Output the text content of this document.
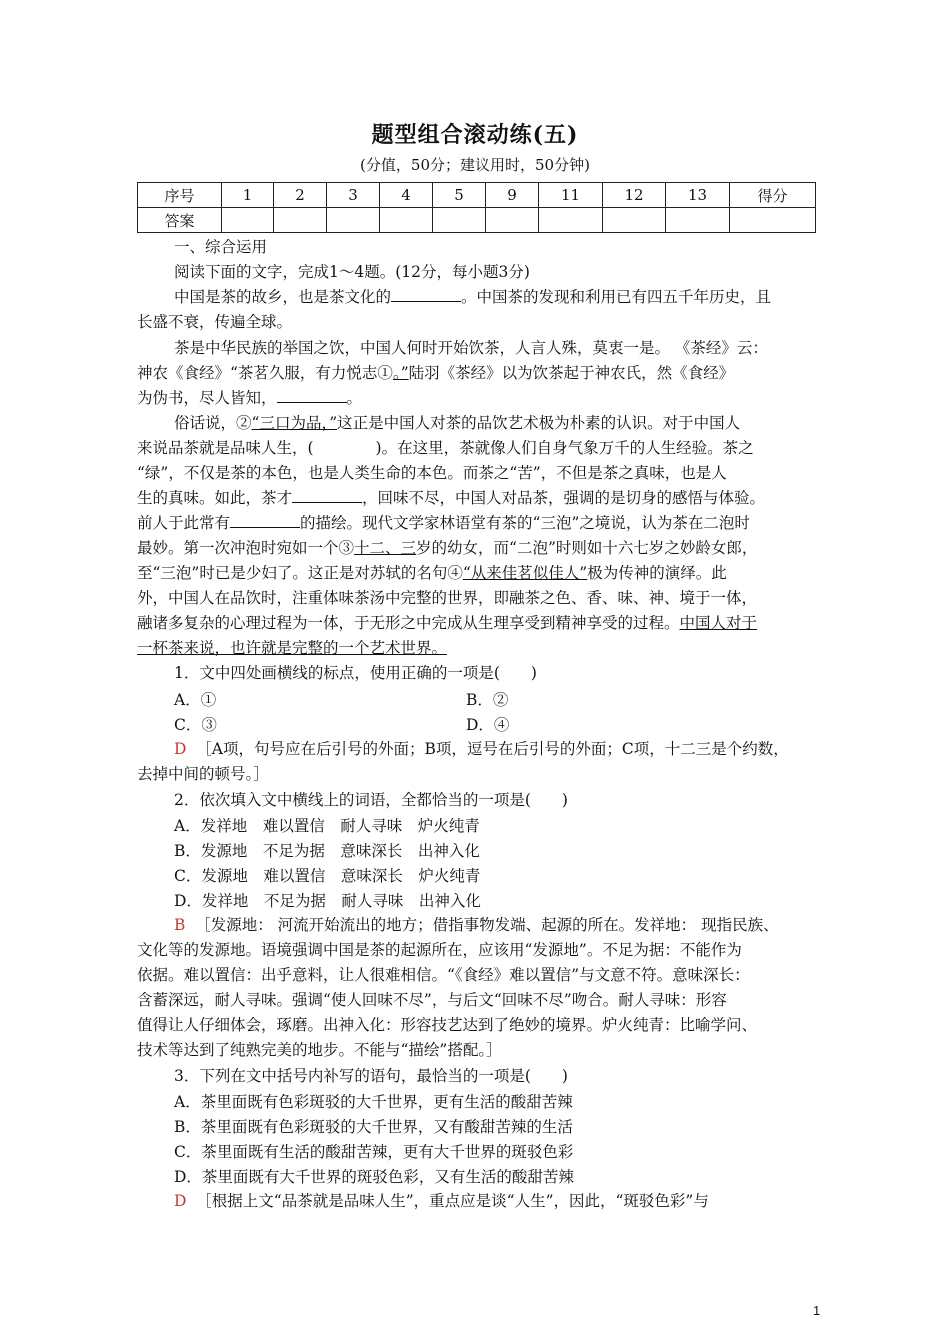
题型组合滚动练(五)
(分值，50分；建议用时，50分钟)
序号	1	2	3	4	5	9	11	12	13	得分
答案										
一、综合运用
阅读下面的文字，完成1～4题。(12分，每小题3分)
中国是茶的故乡，也是茶文化的	。中国茶的发现和利用已有四五千年历史，且
长盛不衰，传遍全球。
茶是中华民族的举国之饮，中国人何时开始饮茶，人言人殊，莫衷一是。 《茶经》云：
神农《食经》“茶茗久服，有力悦志①。”陆羽《茶经》以为饮茶起于神农氏，然《食经》
为伪书，尽人皆知，	。
俗话说，②“三口为品，”这正是中国人对茶的品饮艺术极为朴素的认识。对于中国人
来说品茶就是品味人生，(　　　　)。在这里，茶就像人们自身气象万千的人生经验。茶之
“绿”，不仅是茶的本色，也是人类生命的本色。而茶之“苦”，不但是茶之真味，也是人
生的真味。如此，茶才	，回味不尽，中国人对品茶，强调的是切身的感悟与体验。
前人于此常有	的描绘。现代文学家林语堂有茶的“三泡”之境说，认为茶在二泡时
最妙。第一次冲泡时宛如一个③十二、三岁的幼女，而“二泡”时则如十六七岁之妙龄女郎，
至“三泡”时已是少妇了。这正是对苏轼的名句④“从来佳茗似佳人”极为传神的演绎。此
外，中国人在品饮时，注重体味茶汤中完整的世界，即融茶之色、香、味、神、境于一体，
融诸多复杂的心理过程为一体，于无形之中完成从生理享受到精神享受的过程。中国人对于
一杯茶来说，也许就是完整的一个艺术世界。
1．文中四处画横线的标点，使用正确的一项是(　　)
A．①	B．②
C．③	D．④
D ［A项，句号应在后引号的外面；B项，逗号在后引号的外面；C项，十二三是个约数，
去掉中间的顿号。］
2．依次填入文中横线上的词语，全都恰当的一项是(　　)
A．发祥地　难以置信　耐人寻味　炉火纯青
B．发源地　不足为据　意味深长　出神入化
C．发源地　难以置信　意味深长　炉火纯青
D．发祥地　不足为据　耐人寻味　出神入化
B ［发源地： 河流开始流出的地方；借指事物发端、起源的所在。发祥地： 现指民族、
文化等的发源地。语境强调中国是茶的起源所在，应该用“发源地”。不足为据：不能作为
依据。难以置信：出乎意料，让人很难相信。“《食经》难以置信”与文意不符。意味深长：
含蓄深远，耐人寻味。强调“使人回味不尽”，与后文“回味不尽”吻合。耐人寻味：形容
值得让人仔细体会，琢磨。出神入化：形容技艺达到了绝妙的境界。炉火纯青：比喻学问、
技术等达到了纯熟完美的地步。不能与“描绘”搭配。］
3．下列在文中括号内补写的语句，最恰当的一项是(　　)
A．茶里面既有色彩斑驳的大千世界，更有生活的酸甜苦辣
B．茶里面既有色彩斑驳的大千世界，又有酸甜苦辣的生活
C．茶里面既有生活的酸甜苦辣，更有大千世界的斑驳色彩
D．茶里面既有大千世界的斑驳色彩，又有生活的酸甜苦辣
D ［根据上文“品茶就是品味人生”，重点应是谈“人生”，因此，“斑驳色彩”与
1
